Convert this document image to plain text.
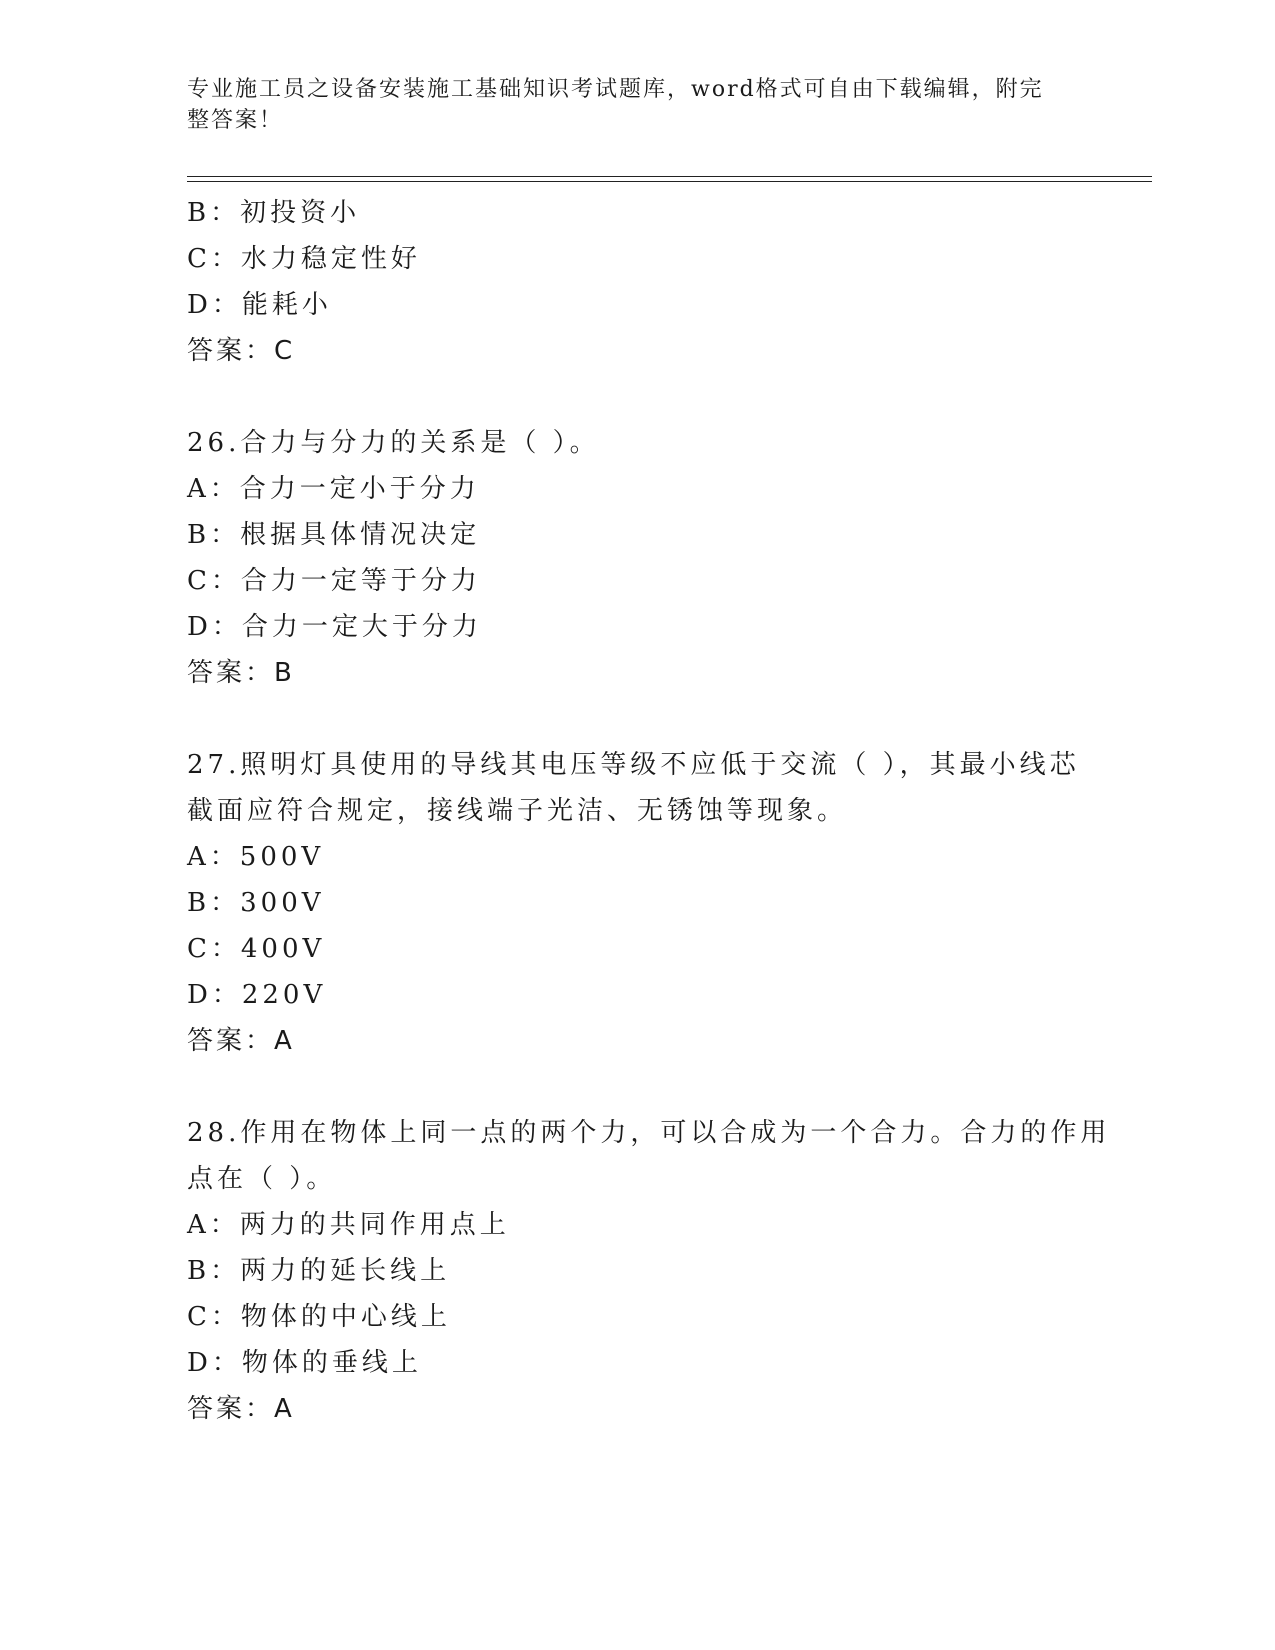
专业施工员之设备安装施工基础知识考试题库，word格式可自由下载编辑，附完
整答案！
B：初投资小
C：水力稳定性好
D：能耗小
答案：C
26.合力与分力的关系是（ ）。
A：合力一定小于分力
B：根据具体情况决定
C：合力一定等于分力
D：合力一定大于分力
答案：B
27.照明灯具使用的导线其电压等级不应低于交流（ ），其最小线芯
截面应符合规定，接线端子光洁、无锈蚀等现象。
A：500V
B：300V
C：400V
D：220V
答案：A
28.作用在物体上同一点的两个力，可以合成为一个合力。合力的作用
点在（ ）。
A：两力的共同作用点上
B：两力的延长线上
C：物体的中心线上
D：物体的垂线上
答案：A
